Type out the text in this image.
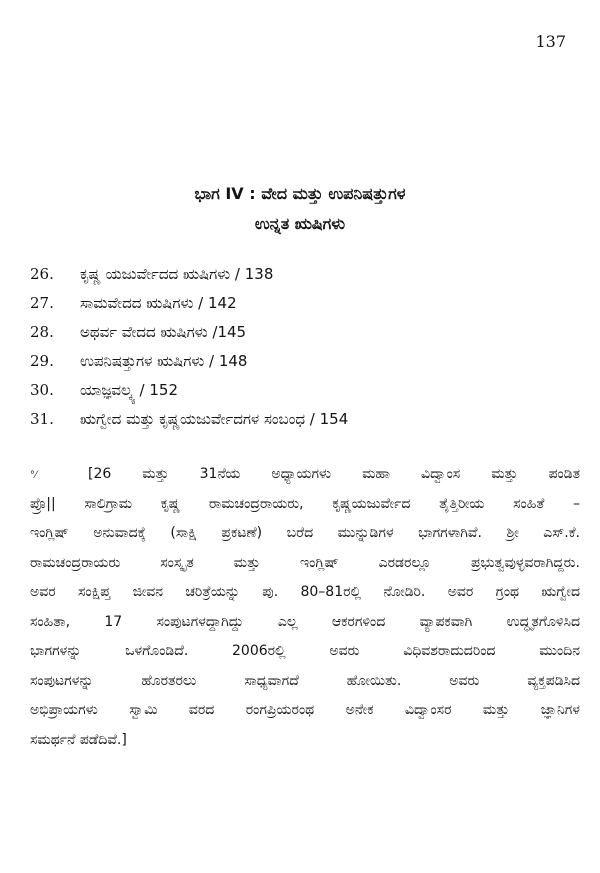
137
ಭಾಗ IV : ವೇದ ಮತ್ತು ಉಪನಿಷತ್ತುಗಳ
ಉನ್ನತ ಋಷಿಗಳು
26. ಕೃಷ್ಣ ಯಜುರ್ವೇದದ ಋಷಿಗಳು / 138
27. ಸಾಮವೇದದ ಋಷಿಗಳು / 142
28. ಅಥರ್ವ ವೇದದ ಋಷಿಗಳು /145
29. ಉಪನಿಷತ್ತುಗಳ ಋಷಿಗಳು / 148
30. ಯಾಜ್ಞವಲ್ಕ್ಯ / 152
31. ಋಗ್ವೇದ ಮತ್ತು ಕೃಷ್ಣಯಜುರ್ವೇದಗಳ ಸಂಬಂಧ / 154
°⁄	[26 ಮತ್ತು 31ನೆಯ ಅಧ್ಯಾಯಗಳು ಮಹಾ ವಿದ್ವಾಂಸ ಮತ್ತು ಪಂಡಿತ
ಪ್ರೊ|| ಸಾಲಿಗ್ರಾಮ ಕೃಷ್ಣ ರಾಮಚಂದ್ರರಾಯರು, ಕೃಷ್ಣಯಜುರ್ವೇದ ತೈತ್ತಿರೀಯ ಸಂಹಿತೆ –
ಇಂಗ್ಲಿಷ್ ಅನುವಾದಕ್ಕೆ (ಸಾಕ್ಷಿ ಪ್ರಕಟಣೆ) ಬರೆದ ಮುನ್ನುಡಿಗಳ ಭಾಗಗಳಾಗಿವೆ. ಶ್ರೀ ಎಸ್.ಕೆ.
ರಾಮಚಂದ್ರರಾಯರು ಸಂಸ್ಕೃತ ಮತ್ತು ಇಂಗ್ಲಿಷ್ ಎರಡರಲ್ಲೂ ಪ್ರಭುತ್ವವುಳ್ಳವರಾಗಿದ್ದರು.
ಅವರ ಸಂಕ್ಷಿಪ್ತ ಜೀವನ ಚರಿತ್ರೆಯನ್ನು ಪು. 80–81ರಲ್ಲಿ ನೋಡಿರಿ. ಅವರ ಗ್ರಂಥ ಋಗ್ವೇದ
ಸಂಹಿತಾ, 17 ಸಂಪುಟಗಳದ್ದಾಗಿದ್ದು ಎಲ್ಲ ಆಕರಗಳಿಂದ ವ್ಯಾಪಕವಾಗಿ ಉದ್ಧೃತಗೊಳಿಸಿದ
ಭಾಗಗಳನ್ನು ಒಳಗೊಂಡಿದೆ. 2006ರಲ್ಲಿ ಅವರು ವಿಧಿವಶರಾದುದರಿಂದ ಮುಂದಿನ
ಸಂಪುಟಗಳನ್ನು ಹೊರತರಲು ಸಾಧ್ಯವಾಗದೆ ಹೋಯಿತು. ಅವರು ವ್ಯಕ್ತಪಡಿಸಿದ
ಅಭಿಪ್ರಾಯಗಳು ಸ್ವಾಮಿ ವರದ ರಂಗಪ್ರಿಯರಂಥ ಅನೇಕ ವಿದ್ವಾಂಸರ ಮತ್ತು ಜ್ಞಾನಿಗಳ
ಸಮರ್ಥನೆ ಪಡೆದಿವೆ.]
